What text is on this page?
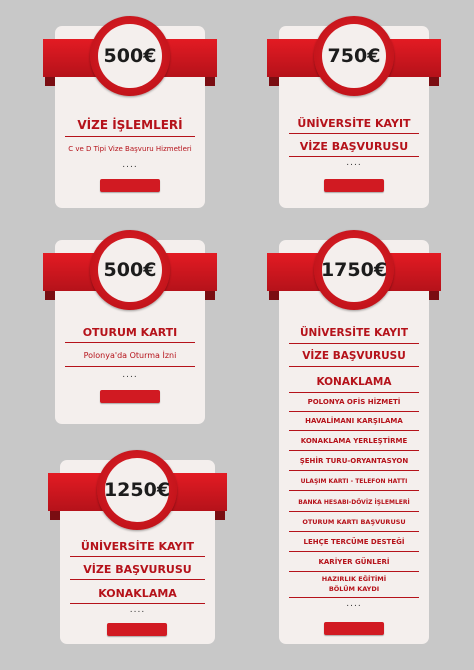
500€
VİZE İŞLEMLERİ
C ve D Tipi Vize Başvuru Hizmetleri
....
750€
ÜNİVERSİTE KAYIT
VİZE BAŞVURUSU
....
500€
OTURUM KARTI
Polonya'da Oturma İzni
....
1750€
ÜNİVERSİTE KAYIT
VİZE BAŞVURUSU
KONAKLAMA
POLONYA OFİS HİZMETİ
HAVALİMANI KARŞILAMA
KONAKLAMA YERLEŞTİRME
ŞEHİR TURU-ORYANTASYON
ULAŞIM KARTI - TELEFON HATTI
BANKA HESABI-DÖVİZ İŞLEMLERİ
OTURUM KARTI BAŞVURUSU
LEHÇE TERCÜME DESTEĞİ
KARİYER GÜNLERİ
HAZIRLIK EĞİTİMİ
BÖLÜM KAYDI
....
1250€
ÜNİVERSİTE KAYIT
VİZE BAŞVURUSU
KONAKLAMA
....
